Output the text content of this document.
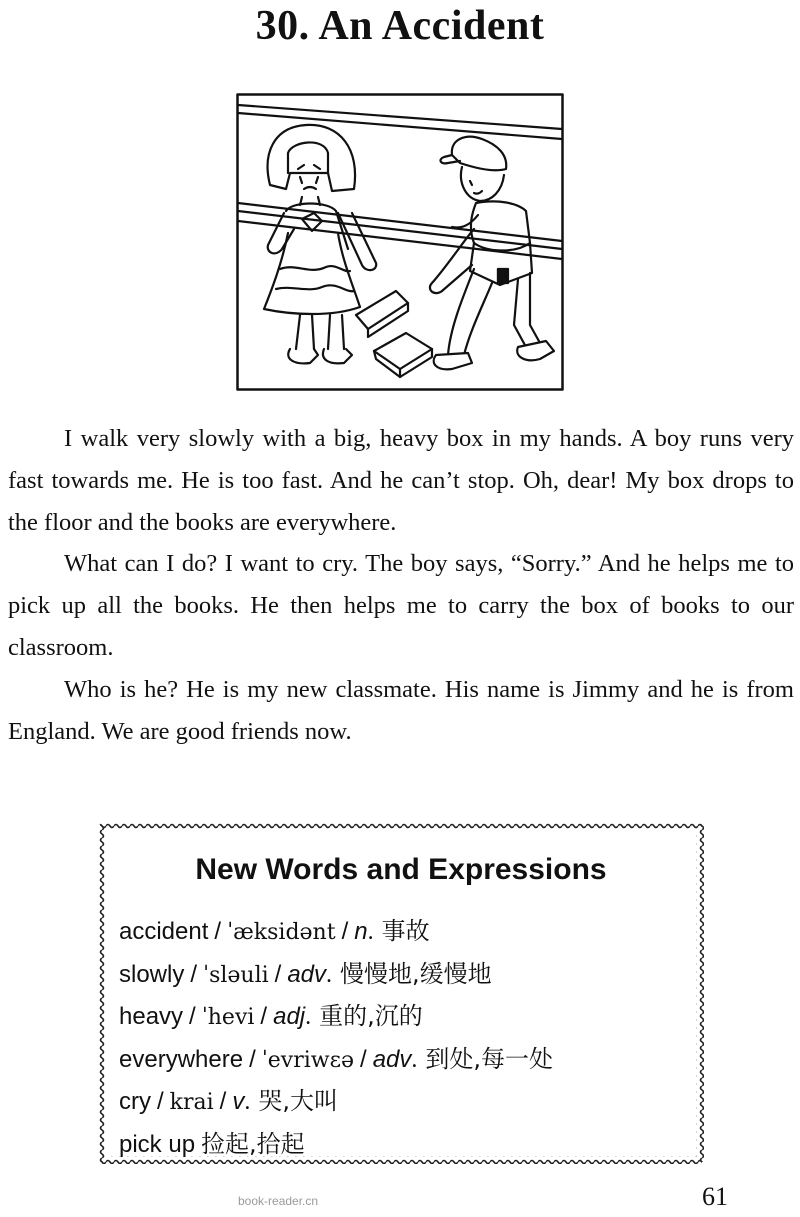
30. An Accident

I walk very slowly with a big, heavy box in my hands. A boy runs very fast towards me. He is too fast. And he can’t stop. Oh, dear! My box drops to the floor and the books are everywhere.

What can I do? I want to cry. The boy says, “Sorry.” And he helps me to pick up all the books. He then helps me to carry the box of books to our classroom.

Who is he? He is my new classmate. His name is Jimmy and he is from England. We are good friends now.

New Words and Expressions
accident / ˈæksidənt / n. 事故
slowly / ˈsləuli / adv. 慢慢地,缓慢地
heavy / ˈhevi / adj. 重的,沉的
everywhere / ˈevriwεə / adv. 到处,每一处
cry / krai / v. 哭,大叫
pick up 捡起,拾起
book-reader.cn	61
